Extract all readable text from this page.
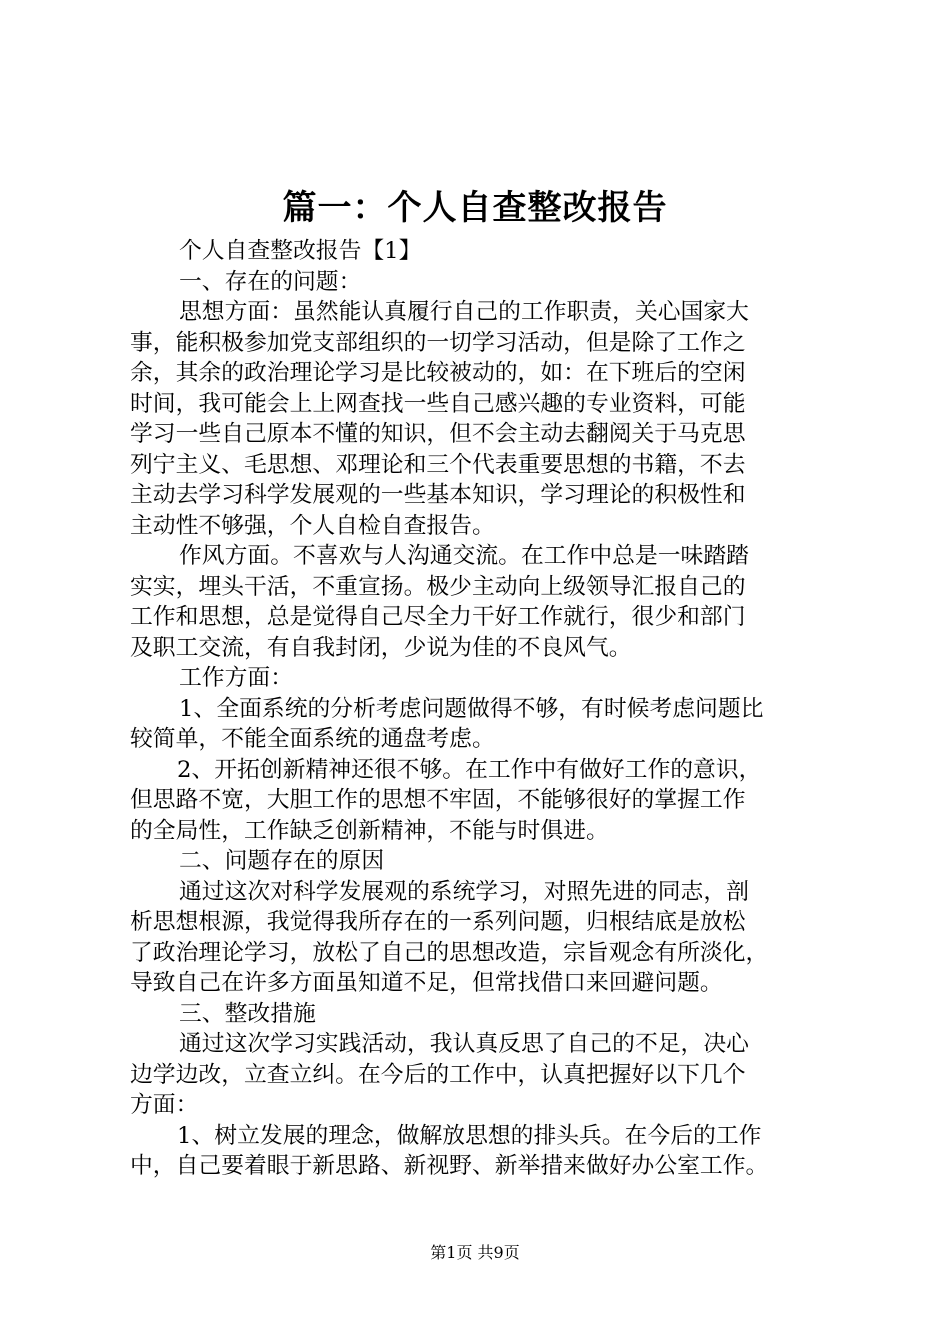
篇一：个人自查整改报告
个人自查整改报告【1】
一、存在的问题：
思想方面：虽然能认真履行自己的工作职责，关心国家大
事，能积极参加党支部组织的一切学习活动，但是除了工作之
余，其余的政治理论学习是比较被动的，如：在下班后的空闲
时间，我可能会上上网查找一些自己感兴趣的专业资料，可能
学习一些自己原本不懂的知识，但不会主动去翻阅关于马克思
列宁主义、毛思想、邓理论和三个代表重要思想的书籍，不去
主动去学习科学发展观的一些基本知识，学习理论的积极性和
主动性不够强，个人自检自查报告。
作风方面。不喜欢与人沟通交流。在工作中总是一味踏踏
实实，埋头干活，不重宣扬。极少主动向上级领导汇报自己的
工作和思想，总是觉得自己尽全力干好工作就行，很少和部门
及职工交流，有自我封闭，少说为佳的不良风气。
工作方面：
1、全面系统的分析考虑问题做得不够，有时候考虑问题比
较简单，不能全面系统的通盘考虑。
2、开拓创新精神还很不够。在工作中有做好工作的意识，
但思路不宽，大胆工作的思想不牢固，不能够很好的掌握工作
的全局性，工作缺乏创新精神，不能与时俱进。
二、问题存在的原因
通过这次对科学发展观的系统学习，对照先进的同志，剖
析思想根源，我觉得我所存在的一系列问题，归根结底是放松
了政治理论学习，放松了自己的思想改造，宗旨观念有所淡化，
导致自己在许多方面虽知道不足，但常找借口来回避问题。
三、整改措施
通过这次学习实践活动，我认真反思了自己的不足，决心
边学边改，立查立纠。在今后的工作中，认真把握好以下几个
方面：
1、树立发展的理念，做解放思想的排头兵。在今后的工作
中，自己要着眼于新思路、新视野、新举措来做好办公室工作。
第1页 共9页
